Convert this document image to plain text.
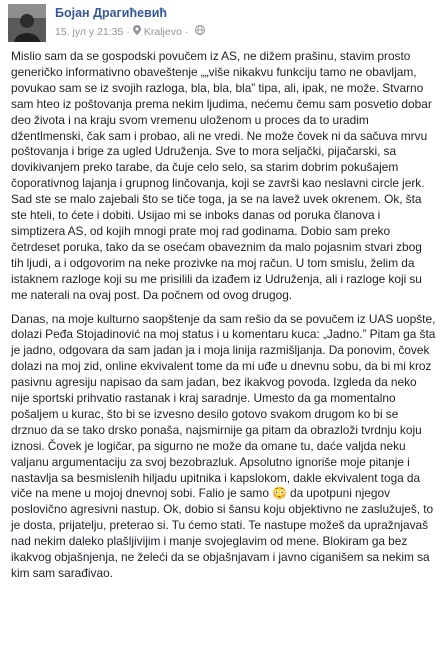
Бојан Драгићевић
15. јул у 21:35 · Kraljevo ·

Mislio sam da se gospodski povučem iz AS, ne dižem prašinu, stavim prosto generičko informativno obaveštenje „„više nikakvu funkciju tamo ne obavljam, povukao sam se iz svojih razloga, bla, bla, bla” tipa, ali, ipak, ne može. Stvarno sam hteo iz poštovanja prema nekim ljudima, nećemu čemu sam posvetio dobar deo života i na kraju svom vremenu uloženom u proces da to uradim džentlmenski, čak sam i probao, ali ne vredi. Ne može čovek ni da sačuva mrvu poštovanja i brige za ugled Udruženja. Sve to mora seljački, pijačarski, sa dovikivanjem preko tarabe, da čuje celo selo, sa starim dobrim pokušajem čoporativnog lajanja i grupnog linčovanja, koji se završi kao neslavni circle jerk. Sad ste se malo zajebali što se tiče toga, ja se na lavež uvek okrenem. Ok, šta ste hteli, to ćete i dobiti. Usijao mi se inboks danas od poruka članova i simptizera AS, od kojih mnogi prate moj rad godinama. Dobio sam preko četrdeset poruka, tako da se osećam obaveznim da malo pojasnim stvari zbog tih ljudi, a i odgovorim na neke prozivke na moj račun. U tom smislu, želim da istaknem razloge koji su me prisilili da izađem iz Udruženja, ali i razloge koji su me naterali na ovaj post. Da počnem od ovog drugog.

Danas, na moje kulturno saopštenje da sam rešio da se povučem iz UAS uopšte, dolazi Peđa Stojadinović na moj status i u komentaru kuca: „Jadno.” Pitam ga šta je jadno, odgovara da sam jadan ja i moja linija razmišljanja. Da ponovim, čovek dolazi na moj zid, online ekvivalent tome da mi uđe u dnevnu sobu, da bi mi kroz pasivnu agresiju napisao da sam jadan, bez ikakvog povoda. Izgleda da neko nije sportski prihvatio rastanak i kraj saradnje. Umesto da ga momentalno pošaljem u kurac, što bi se izvesno desilo gotovo svakom drugom ko bi se drznuo da se tako drsko ponaša, najsmirnije ga pitam da obrazloži tvrdnju koju iznosi. Čovek je logičar, pa sigurno ne može da omane tu, daće valjda neku valjanu argumentaciju za svoj bezobrazluk. Apsolutno ignoriše moje pitanje i nastavlja sa besmislenih hiljadu upitnika i kapslokom, dakle ekvivalent toga da viče na mene u mojoj dnevnoj sobi. Falio je samo 😳 da upotpuni njegov poslovično agresivni nastup. Ok, dobio si šansu koju objektivno ne zaslužuješ, to je dosta, prijatelju, preterao si. Tu ćemo stati. Te nastupe možeš da upražnjavaš nad nekim daleko plašljivijim i manje svojeglavim od mene. Blokiram ga bez ikakvog objašnjenja, ne želeći da se objašnjavam i javno ciganišem sa nekim sa kim sam sarađivao.
